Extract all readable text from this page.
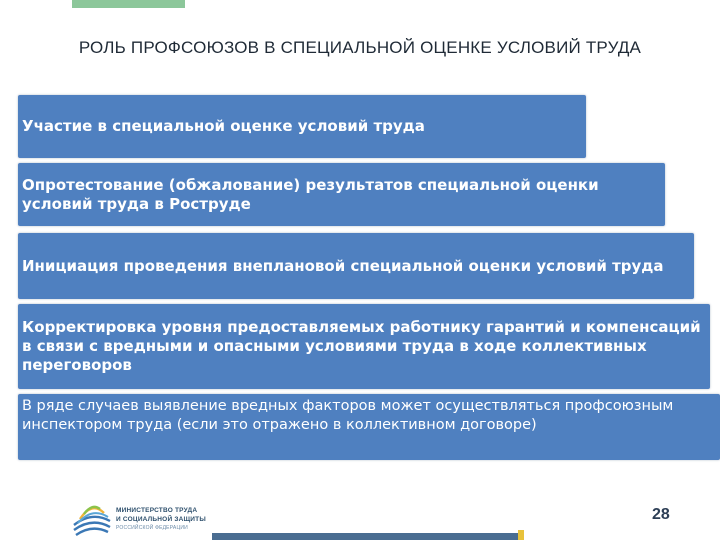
РОЛЬ ПРОФСОЮЗОВ В СПЕЦИАЛЬНОЙ ОЦЕНКЕ УСЛОВИЙ ТРУДА
Участие в специальной оценке условий труда
Опротестование (обжалование) результатов специальной оценки условий труда в Роструде
Инициация проведения внеплановой специальной оценки условий труда
Корректировка уровня предоставляемых работнику гарантий и компенсаций в связи с вредными и опасными условиями труда в ходе коллективных переговоров
В ряде случаев выявление вредных факторов может осуществляться профсоюзным инспектором труда (если это отражено в коллективном договоре)
МИНИСТЕРСТВО ТРУДА
И СОЦИАЛЬНОЙ ЗАЩИТЫ
РОССИЙСКОЙ ФЕДЕРАЦИИ
28
